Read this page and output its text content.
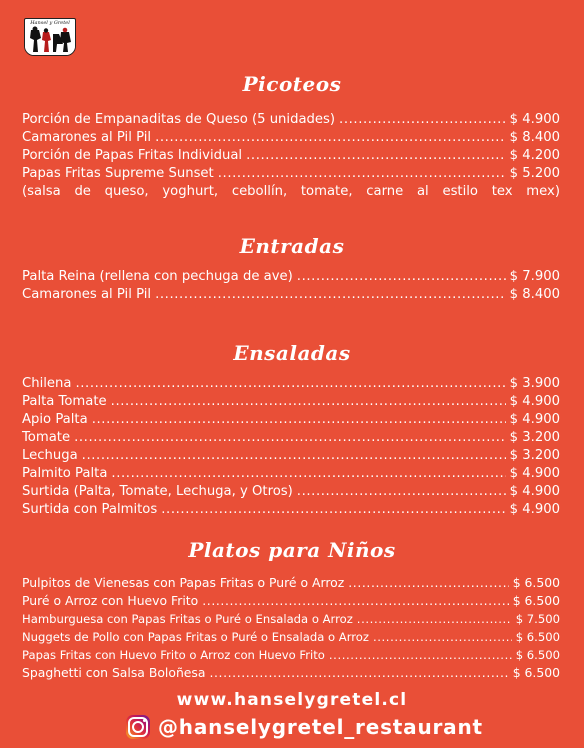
Hansel y Gretel
Picoteos
Porción de Empanaditas de Queso (5 unidades) .....	$ 4.900
Camarones al Pil Pil .....	$ 8.400
Porción de Papas Fritas Individual .....	$ 4.200
Papas Fritas Supreme Sunset .....	$ 5.200
(salsa de queso, yoghurt, cebollín, tomate, carne al estilo tex mex)
Entradas
Palta Reina (rellena con pechuga de ave) .....	$ 7.900
Camarones al Pil Pil .....	$ 8.400
Ensaladas
Chilena .....	$ 3.900
Palta Tomate .....	$ 4.900
Apio Palta .....	$ 4.900
Tomate .....	$ 3.200
Lechuga .....	$ 3.200
Palmito Palta .....	$ 4.900
Surtida (Palta, Tomate, Lechuga, y Otros) .....	$ 4.900
Surtida con Palmitos .....	$ 4.900
Platos para Niños
Pulpitos de Vienesas con Papas Fritas o Puré o Arroz .....	$ 6.500
Puré o Arroz con Huevo Frito .....	$ 6.500
Hamburguesa con Papas Fritas o Puré o Ensalada o Arroz .....	$ 7.500
Nuggets de Pollo con Papas Fritas o Puré o Ensalada o Arroz .....	$ 6.500
Papas Fritas con Huevo Frito o Arroz con Huevo Frito .....	$ 6.500
Spaghetti con Salsa Boloñesa .....	$ 6.500
www.hanselygretel.cl
@hanselygretel_restaurant
